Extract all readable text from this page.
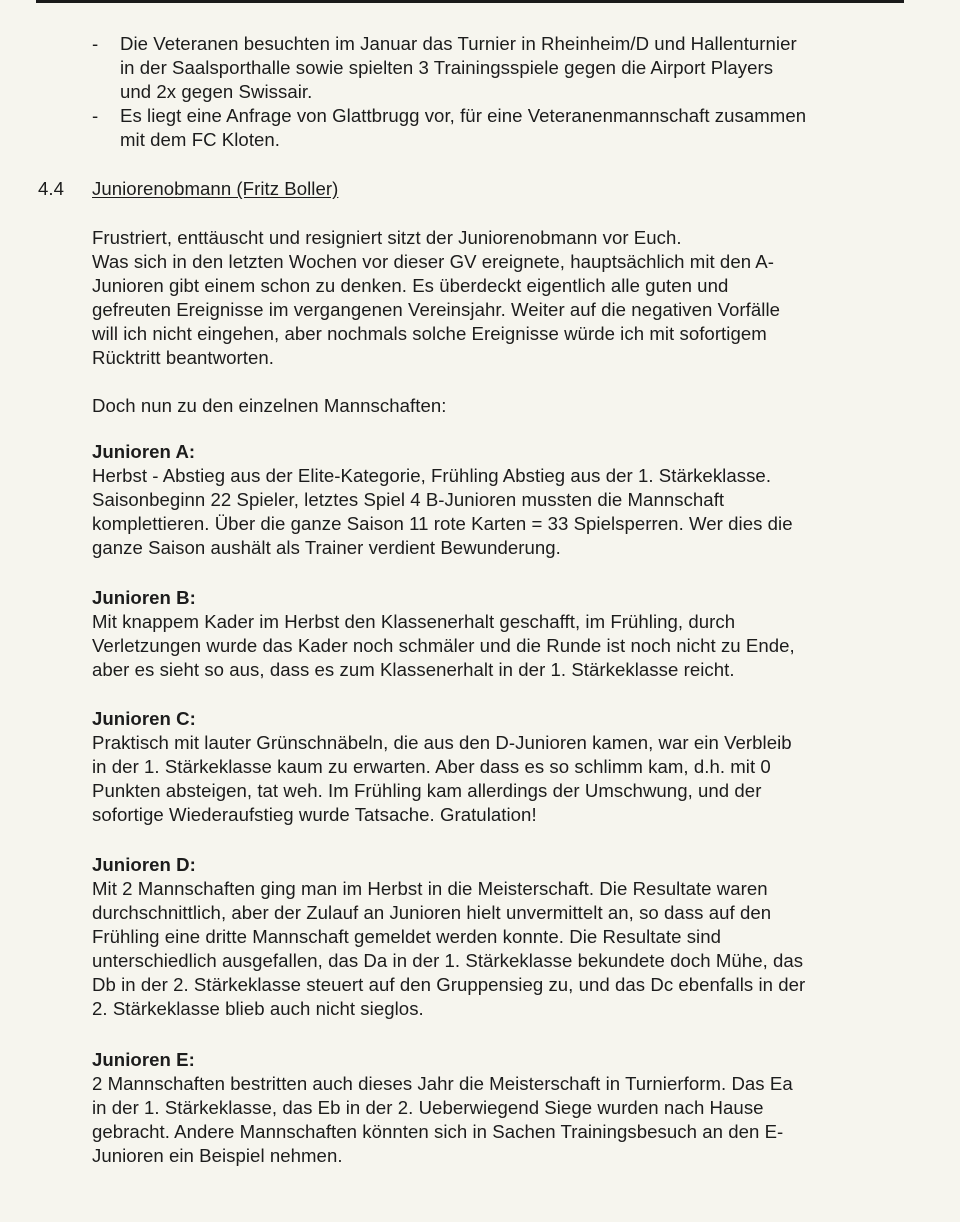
- Die Veteranen besuchten im Januar das Turnier in Rheinheim/D und Hallenturnier
in der Saalsporthalle sowie spielten 3 Trainingsspiele gegen die Airport Players
und 2x gegen Swissair.
- Es liegt eine Anfrage von Glattbrugg vor, für eine Veteranenmannschaft zusammen
mit dem FC Kloten.
4.4 Juniorenobmann (Fritz Boller)

Frustriert, enttäuscht und resigniert sitzt der Juniorenobmann vor Euch.

Was sich in den letzten Wochen vor dieser GV ereignete, hauptsächlich mit den A-

Junioren gibt einem schon zu denken. Es überdeckt eigentlich alle guten und

gefreuten Ereignisse im vergangenen Vereinsjahr. Weiter auf die negativen Vorfälle

will ich nicht eingehen, aber nochmals solche Ereignisse würde ich mit sofortigem

Rücktritt beantworten.

Doch nun zu den einzelnen Mannschaften:

Junioren A:

Herbst - Abstieg aus der Elite-Kategorie, Frühling Abstieg aus der 1. Stärkeklasse.

Saisonbeginn 22 Spieler, letztes Spiel 4 B-Junioren mussten die Mannschaft

komplettieren. Über die ganze Saison 11 rote Karten = 33 Spielsperren. Wer dies die

ganze Saison aushält als Trainer verdient Bewunderung.

Junioren B:

Mit knappem Kader im Herbst den Klassenerhalt geschafft, im Frühling, durch

Verletzungen wurde das Kader noch schmäler und die Runde ist noch nicht zu Ende,

aber es sieht so aus, dass es zum Klassenerhalt in der 1. Stärkeklasse reicht.

Junioren C:

Praktisch mit lauter Grünschnäbeln, die aus den D-Junioren kamen, war ein Verbleib

in der 1. Stärkeklasse kaum zu erwarten. Aber dass es so schlimm kam, d.h. mit 0

Punkten absteigen, tat weh. Im Frühling kam allerdings der Umschwung, und der

sofortige Wiederaufstieg wurde Tatsache. Gratulation!

Junioren D:

Mit 2 Mannschaften ging man im Herbst in die Meisterschaft. Die Resultate waren

durchschnittlich, aber der Zulauf an Junioren hielt unvermittelt an, so dass auf den

Frühling eine dritte Mannschaft gemeldet werden konnte. Die Resultate sind

unterschiedlich ausgefallen, das Da in der 1. Stärkeklasse bekundete doch Mühe, das

Db in der 2. Stärkeklasse steuert auf den Gruppensieg zu, und das Dc ebenfalls in der

2. Stärkeklasse blieb auch nicht sieglos.

Junioren E:

2 Mannschaften bestritten auch dieses Jahr die Meisterschaft in Turnierform. Das Ea

in der 1. Stärkeklasse, das Eb in der 2. Ueberwiegend Siege wurden nach Hause

gebracht. Andere Mannschaften könnten sich in Sachen Trainingsbesuch an den E-

Junioren ein Beispiel nehmen.
